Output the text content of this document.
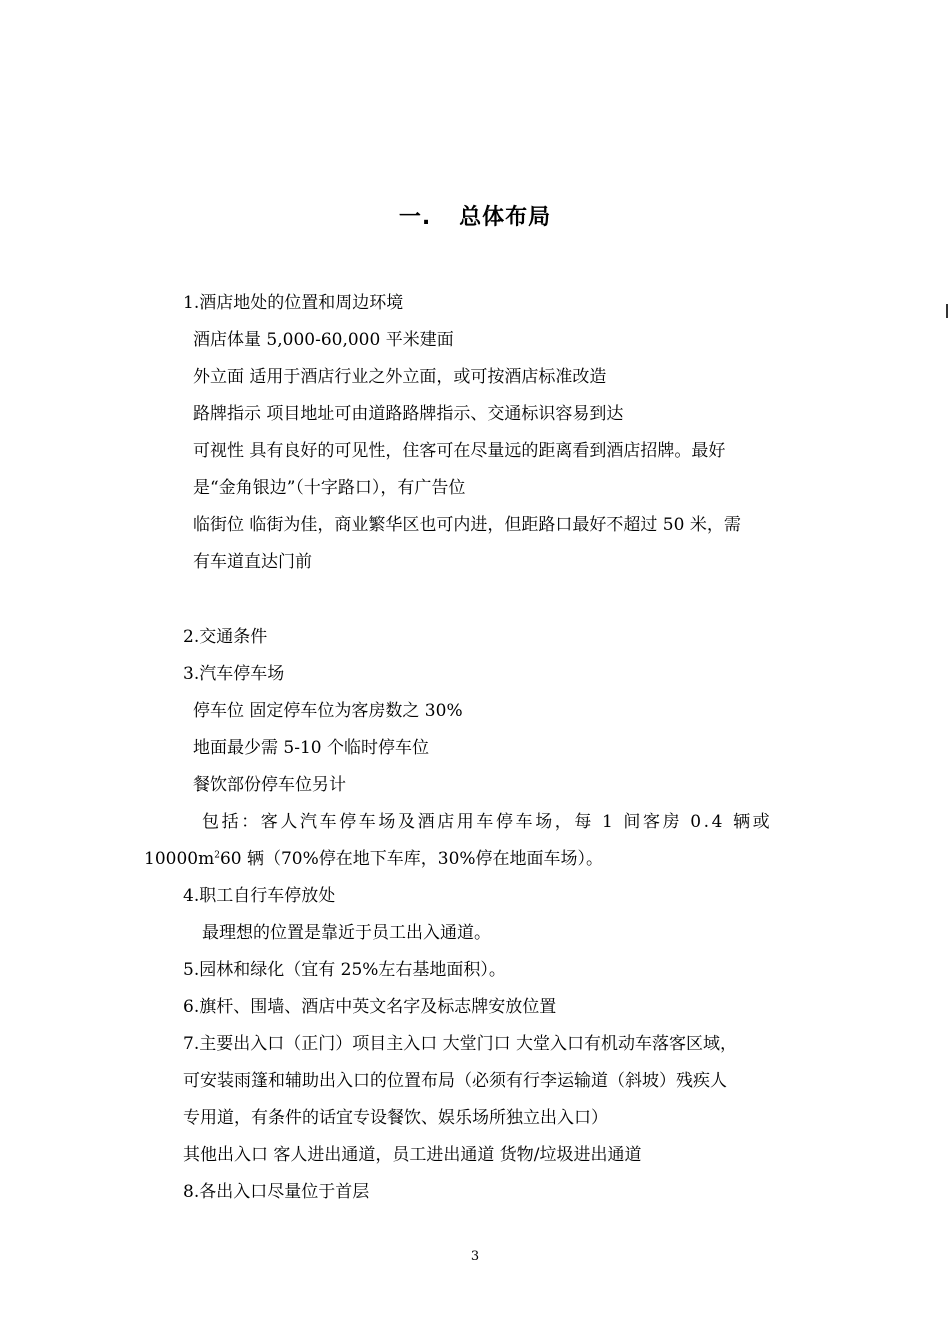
一. 总体布局
1.酒店地处的位置和周边环境
酒店体量 5,000-60,000 平米建面
外立面 适用于酒店行业之外立面，或可按酒店标准改造
路牌指示 项目地址可由道路路牌指示、交通标识容易到达
可视性 具有良好的可见性，住客可在尽量远的距离看到酒店招牌。最好
是“金角银边”（十字路口），有广告位
临街位 临街为佳，商业繁华区也可内进，但距路口最好不超过 50 米，需
有车道直达门前
2.交通条件
3.汽车停车场
停车位 固定停车位为客房数之 30%
地面最少需 5-10 个临时停车位
餐饮部份停车位另计
包括：客人汽车停车场及酒店用车停车场，每 1 间客房 0.4 辆或
$10000m^260$ 辆（70%停在地下车库，30%停在地面车场）。
4.职工自行车停放处
最理想的位置是靠近于员工出入通道。
5.园林和绿化（宜有 25%左右基地面积）。
6.旗杆、围墙、酒店中英文名字及标志牌安放位置
7.主要出入口（正门）项目主入口 大堂门口 大堂入口有机动车落客区域，
可安装雨篷和辅助出入口的位置布局（必须有行李运输道（斜坡）残疾人
专用道，有条件的话宜专设餐饮、娱乐场所独立出入口）
其他出入口 客人进出通道，员工进出通道 货物/垃圾进出通道
8.各出入口尽量位于首层
3
